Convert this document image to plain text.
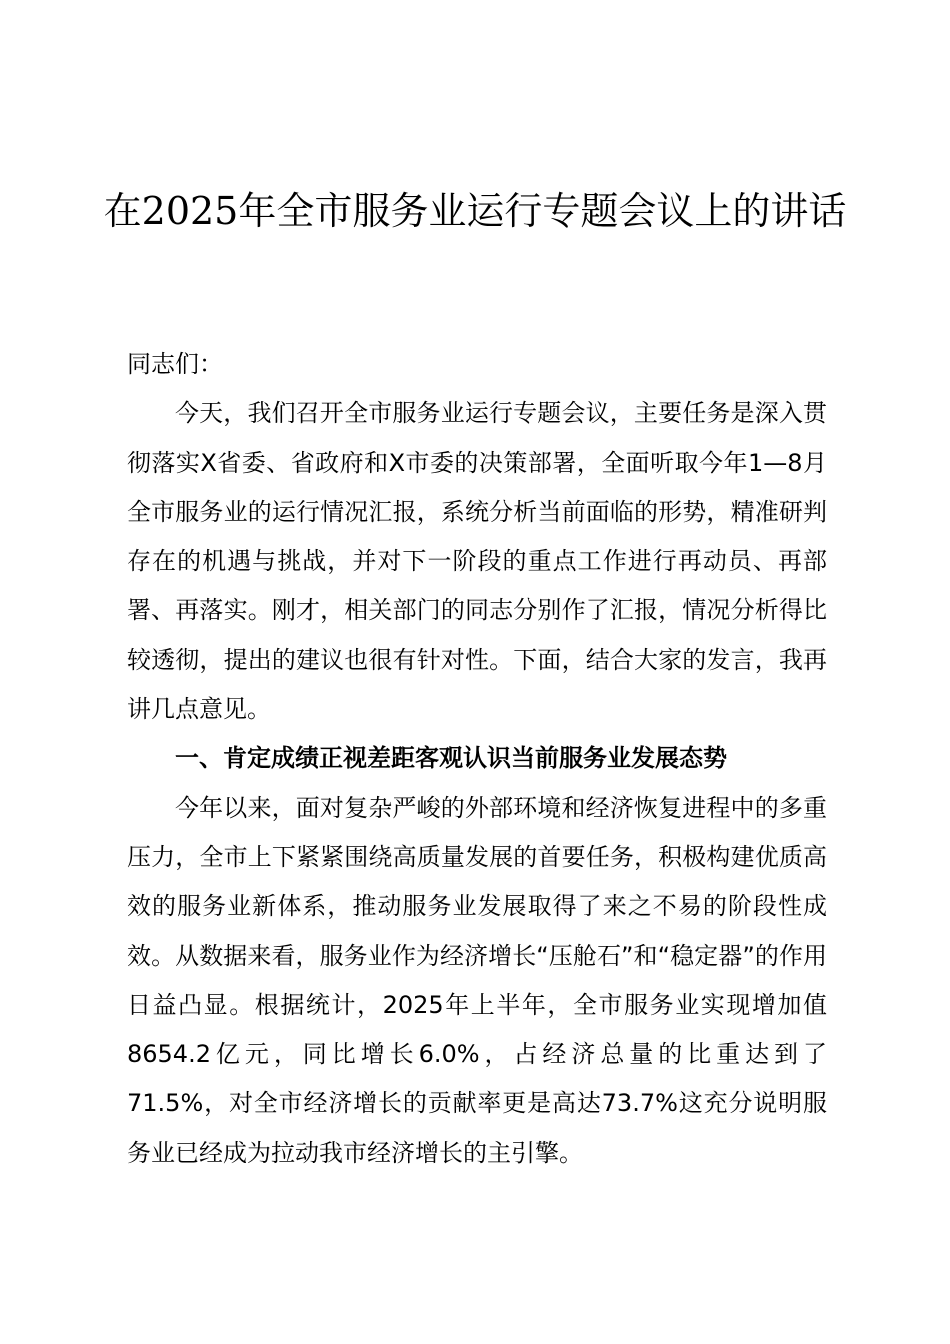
在2025年全市服务业运行专题会议上的讲话

同志们：

今天，我们召开全市服务业运行专题会议，主要任务是深入贯彻落实X省委、省政府和X市委的决策部署，全面听取今年1—8月全市服务业的运行情况汇报，系统分析当前面临的形势，精准研判存在的机遇与挑战，并对下一阶段的重点工作进行再动员、再部署、再落实。刚才，相关部门的同志分别作了汇报，情况分析得比较透彻，提出的建议也很有针对性。下面，结合大家的发言，我再讲几点意见。

一、肯定成绩正视差距客观认识当前服务业发展态势

今年以来，面对复杂严峻的外部环境和经济恢复进程中的多重压力，全市上下紧紧围绕高质量发展的首要任务，积极构建优质高效的服务业新体系，推动服务业发展取得了来之不易的阶段性成效。从数据来看，服务业作为经济增长“压舱石”和“稳定器”的作用日益凸显。根据统计，2025年上半年，全市服务业实现增加值8654.2亿元，同比增长6.0%，占经济总量的比重达到了71.5%，对全市经济增长的贡献率更是高达73.7%这充分说明服务业已经成为拉动我市经济增长的主引擎。
